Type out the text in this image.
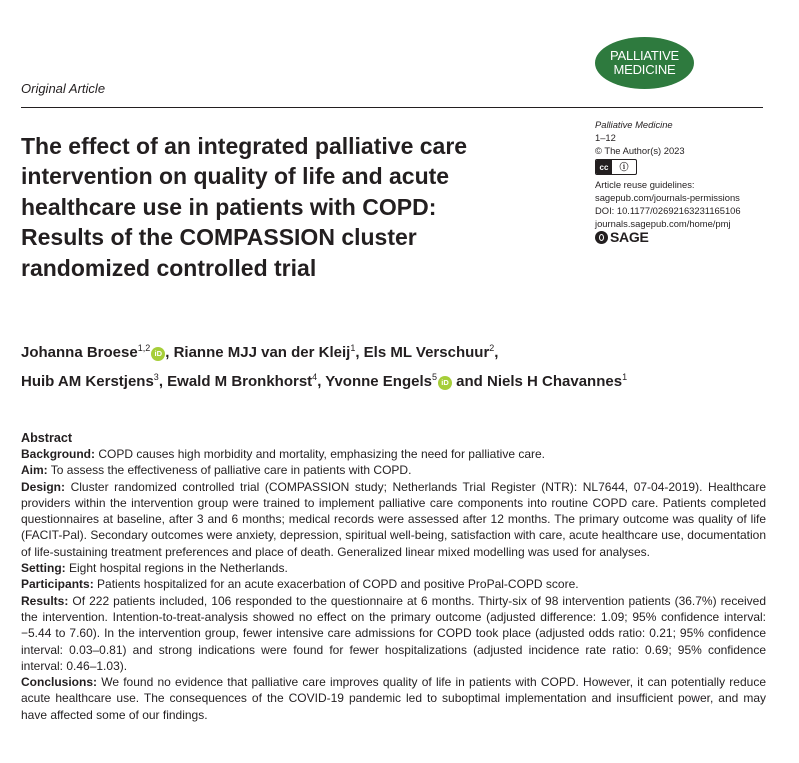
PALLIATIVE
MEDICINE
Original Article
The effect of an integrated palliative care
intervention on quality of life and acute
healthcare use in patients with COPD:
Results of the COMPASSION cluster
randomized controlled trial
Palliative Medicine
1–12
© The Author(s) 2023
cc	ⓘ
Article reuse guidelines:
sagepub.com/journals-permissions
DOI: 10.1177/02692163231165106
journals.sagepub.com/home/pmj
SAGE
Johanna Broese$^{1,2}$iD , Rianne MJJ van der Kleij$^1$, Els ML Verschuur$^2$,
Huib AM Kerstjens$^3$, Ewald M Bronkhorst$^4$, Yvonne Engels$^5$iD and Niels H Chavannes$^1$
Abstract

Background: COPD causes high morbidity and mortality, emphasizing the need for palliative care.

Aim: To assess the effectiveness of palliative care in patients with COPD.

Design: Cluster randomized controlled trial (COMPASSION study; Netherlands Trial Register (NTR): NL7644, 07-04-2019). Healthcare providers within the intervention group were trained to implement palliative care components into routine COPD care. Patients completed questionnaires at baseline, after 3 and 6 months; medical records were assessed after 12 months. The primary outcome was quality of life (FACIT-Pal). Secondary outcomes were anxiety, depression, spiritual well-being, satisfaction with care, acute healthcare use, documentation of life-sustaining treatment preferences and place of death. Generalized linear mixed modelling was used for analyses.

Setting: Eight hospital regions in the Netherlands.

Participants: Patients hospitalized for an acute exacerbation of COPD and positive ProPal-COPD score.

Results: Of 222 patients included, 106 responded to the questionnaire at 6 months. Thirty-six of 98 intervention patients (36.7%) received the intervention. Intention-to-treat-analysis showed no effect on the primary outcome (adjusted difference: 1.09; 95% confidence interval: −5.44 to 7.60). In the intervention group, fewer intensive care admissions for COPD took place (adjusted odds ratio: 0.21; 95% confidence interval: 0.03–0.81) and strong indications were found for fewer hospitalizations (adjusted incidence rate ratio: 0.69; 95% confidence interval: 0.46–1.03).

Conclusions: We found no evidence that palliative care improves quality of life in patients with COPD. However, it can potentially reduce acute healthcare use. The consequences of the COVID-19 pandemic led to suboptimal implementation and insufficient power, and may have affected some of our findings.
